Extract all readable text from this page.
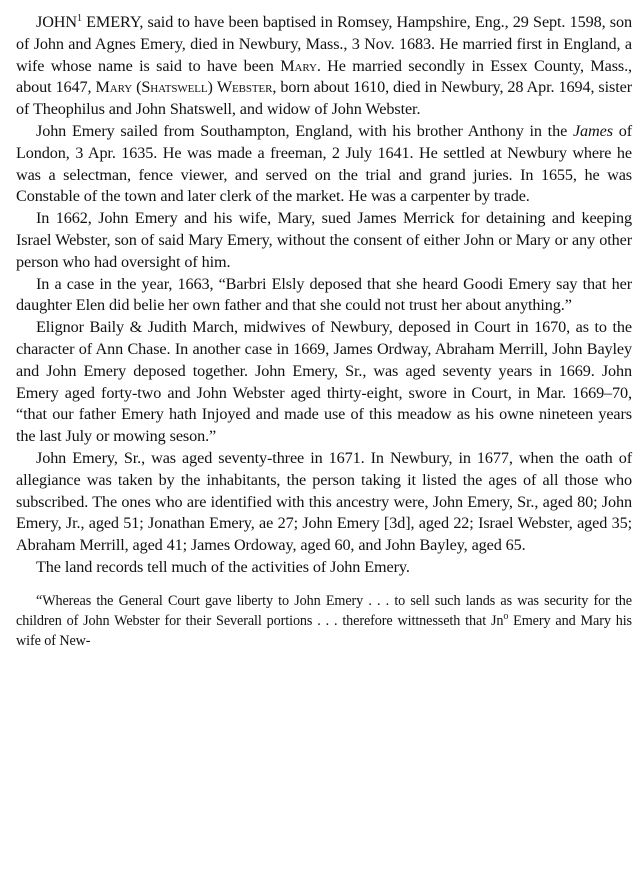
JOHN$^1$ EMERY, said to have been baptised in Romsey, Hampshire, Eng., 29 Sept. 1598, son of John and Agnes Emery, died in Newbury, Mass., 3 Nov. 1683. He married first in England, a wife whose name is said to have been Mary. He married secondly in Essex County, Mass., about 1647, Mary (Shatswell) Webster, born about 1610, died in Newbury, 28 Apr. 1694, sister of Theophilus and John Shatswell, and widow of John Webster.

John Emery sailed from Southampton, England, with his brother Anthony in the James of London, 3 Apr. 1635. He was made a freeman, 2 July 1641. He settled at Newbury where he was a selectman, fence viewer, and served on the trial and grand juries. In 1655, he was Constable of the town and later clerk of the market. He was a carpenter by trade.

In 1662, John Emery and his wife, Mary, sued James Merrick for detaining and keeping Israel Webster, son of said Mary Emery, without the consent of either John or Mary or any other person who had oversight of him.

In a case in the year, 1663, “Barbri Elsly deposed that she heard Goodi Emery say that her daughter Elen did belie her own father and that she could not trust her about anything.”

Elignor Baily & Judith March, midwives of Newbury, deposed in Court in 1670, as to the character of Ann Chase. In another case in 1669, James Ordway, Abraham Merrill, John Bayley and John Emery deposed together. John Emery, Sr., was aged seventy years in 1669. John Emery aged forty-two and John Webster aged thirty-eight, swore in Court, in Mar. 1669–70, “that our father Emery hath Injoyed and made use of this meadow as his owne nineteen years the last July or mowing seson.”

John Emery, Sr., was aged seventy-three in 1671. In Newbury, in 1677, when the oath of allegiance was taken by the inhabitants, the person taking it listed the ages of all those who subscribed. The ones who are identified with this ancestry were, John Emery, Sr., aged 80; John Emery, Jr., aged 51; Jonathan Emery, ae 27; John Emery [3d], aged 22; Israel Webster, aged 35; Abraham Merrill, aged 41; James Ordoway, aged 60, and John Bayley, aged 65.

The land records tell much of the activities of John Emery.

“Whereas the General Court gave liberty to John Emery . . . to sell such lands as was security for the children of John Webster for their Severall portions . . . therefore wittnesseth that Jn$^o$ Emery and Mary his wife of New-
